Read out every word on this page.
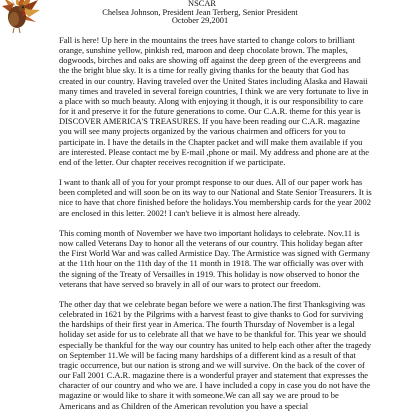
NSCAR
Chelsea Johnson, President Jean Terberg, Senior President
October 29,2001

Fall is here! Up here in the mountains the trees have started to change colors to brilliant orange, sunshine yellow, pinkish red, maroon and deep chocolate brown. The maples, dogwoods, birches and oaks are showing off against the deep green of the evergreens and the the bright blue sky. It is a time for really giving thanks for the beauty that God has created in our country. Having traveled over the United States including Alaska and Hawaii many times and traveled in several foreign countries, I think we are very fortunate to live in a place with so much beauty. Along with enjoying it though, it is our responsibility to care for it and preserve it for the future generations to come. Our C.A.R. theme for this year is DISCOVER AMERICA'S TREASURES. If you have been reading our C.A.R. magazine you will see many projects organized by the various chairmen and officers for you to participate in. I have the details in the Chapter packet and will make them available if you are interested. Please contact me by E-mail ,phone or mail. My address and phone are at the end of the letter. Our chapter receives recognition if we participate.

I want to thank all of you for your prompt response to our dues. All of our paper work has been completed and will soon be on its way to our National and State Senior Treasurers. It is nice to have that chore finished before the holidays.You membership cards for the year 2002 are enclosed in this letter. 2002! I can't believe it is almost here already.

This coming month of November we have two important holidays to celebrate. Nov.11 is now called Veterans Day to honor all the veterans of our country. This holiday began after the First World War and was called Armistice Day. The Armistice was signed with Germany at the 11th hour on the 11th day of the 11 month in 1918. The war officially was over with the signing of the Treaty of Versailles in 1919. This holiday is now observed to honor the veterans that have served so bravely in all of our wars to protect our freedom.

The other day that we celebrate began before we were a nation.The first Thanksgiving was celebrated in 1621 by the Pilgrims with a harvest feast to give thanks to God for surviving the hardships of their first year in America. The fourth Thursday of November is a legal holiday set aside for us to celebrate all that we have to be thankful for. This year we should especially be thankful for the way our country has united to help each other after the tragedy on September 11.We will be facing many hardships of a different kind as a result of that tragic occurrence, but our nation is strong and we will survive. On the back of the cover of our Fall 2001 C.A.R. magazine there is a wonderful prayer and statement that expresses the character of our country and who we are. I have included a copy in case you do not have the magazine or would like to share it with someone.We can all say we are proud to be Americans and as Children of the American revolution you have a special
